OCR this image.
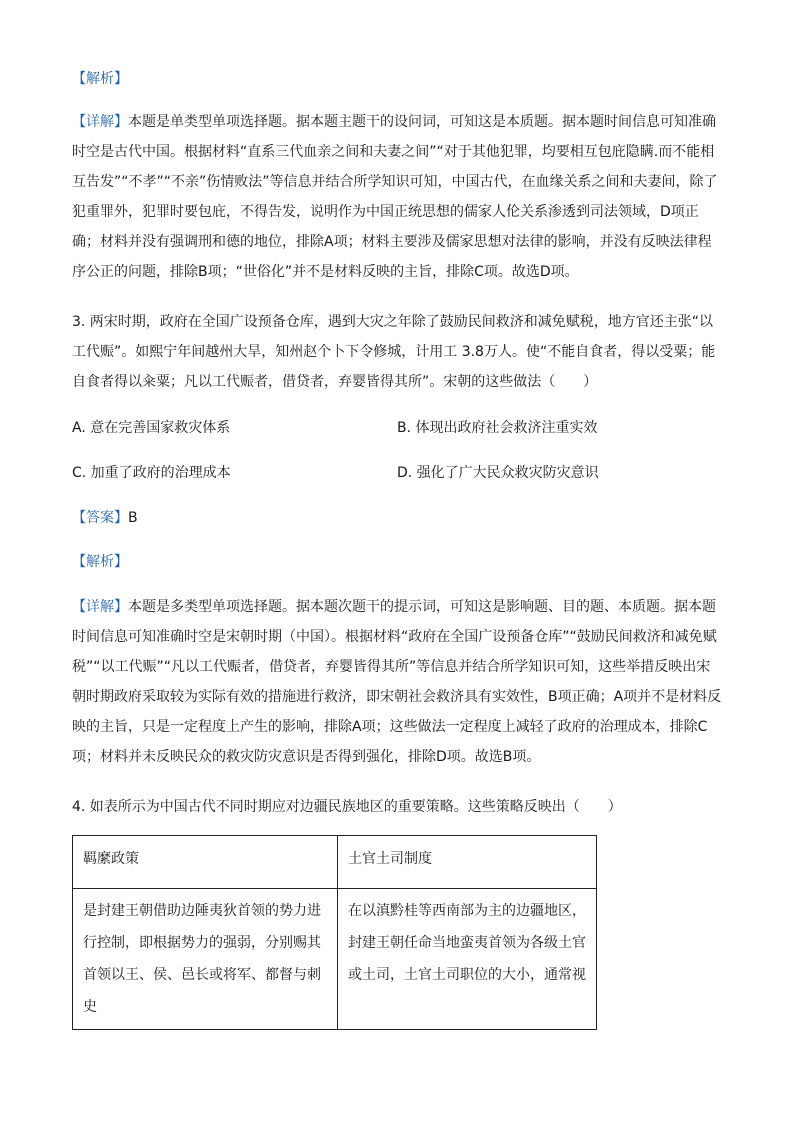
【解析】

【详解】本题是单类型单项选择题。据本题主题干的设问词，可知这是本质题。据本题时间信息可知准确时空是古代中国。根据材料“直系三代血亲之间和夫妻之间”“对于其他犯罪，均要相互包庇隐瞒.而不能相互告发”“不孝”“不亲”伤情败法”等信息并结合所学知识可知，中国古代，在血缘关系之间和夫妻间，除了犯重罪外，犯罪时要包庇，不得告发，说明作为中国正统思想的儒家人伦关系渗透到司法领域，D项正确；材料并没有强调刑和德的地位，排除A项；材料主要涉及儒家思想对法律的影响，并没有反映法律程序公正的问题，排除B项；“世俗化”并不是材料反映的主旨，排除C项。故选D项。

3. 两宋时期，政府在全国广设预备仓库，遇到大灾之年除了鼓励民间救济和减免赋税，地方官还主张“以工代赈”。如熙宁年间越州大旱，知州赵个卜下令修城，计用工 3.8万人。使“不能自食者，得以受粟；能自食者得以籴粟；凡以工代赈者，借贷者，弃婴皆得其所”。宋朝的这些做法（　　）

A. 意在完善国家救灾体系	B. 体现出政府社会救济注重实效
C. 加重了政府的治理成本	D. 强化了广大民众救灾防灾意识

【答案】B

【解析】

【详解】本题是多类型单项选择题。据本题次题干的提示词，可知这是影响题、目的题、本质题。据本题时间信息可知准确时空是宋朝时期（中国）。根据材料“政府在全国广设预备仓库”“鼓励民间救济和减免赋税”“以工代赈”“凡以工代赈者，借贷者，弃婴皆得其所”等信息并结合所学知识可知，这些举措反映出宋朝时期政府采取较为实际有效的措施进行救济，即宋朝社会救济具有实效性，B项正确；A项并不是材料反映的主旨，只是一定程度上产生的影响，排除A项；这些做法一定程度上减轻了政府的治理成本，排除C项；材料并未反映民众的救灾防灾意识是否得到强化，排除D项。故选B项。

4. 如表所示为中国古代不同时期应对边疆民族地区的重要策略。这些策略反映出（　　）

羁縻政策	土官土司制度
是封建王朝借助边陲夷狄首领的势力进行控制，即根据势力的强弱，分别赐其首领以王、侯、邑长或将军、都督与刺史	在以滇黔桂等西南部为主的边疆地区，封建王朝任命当地蛮夷首领为各级土官或土司，土官土司职位的大小，通常视
